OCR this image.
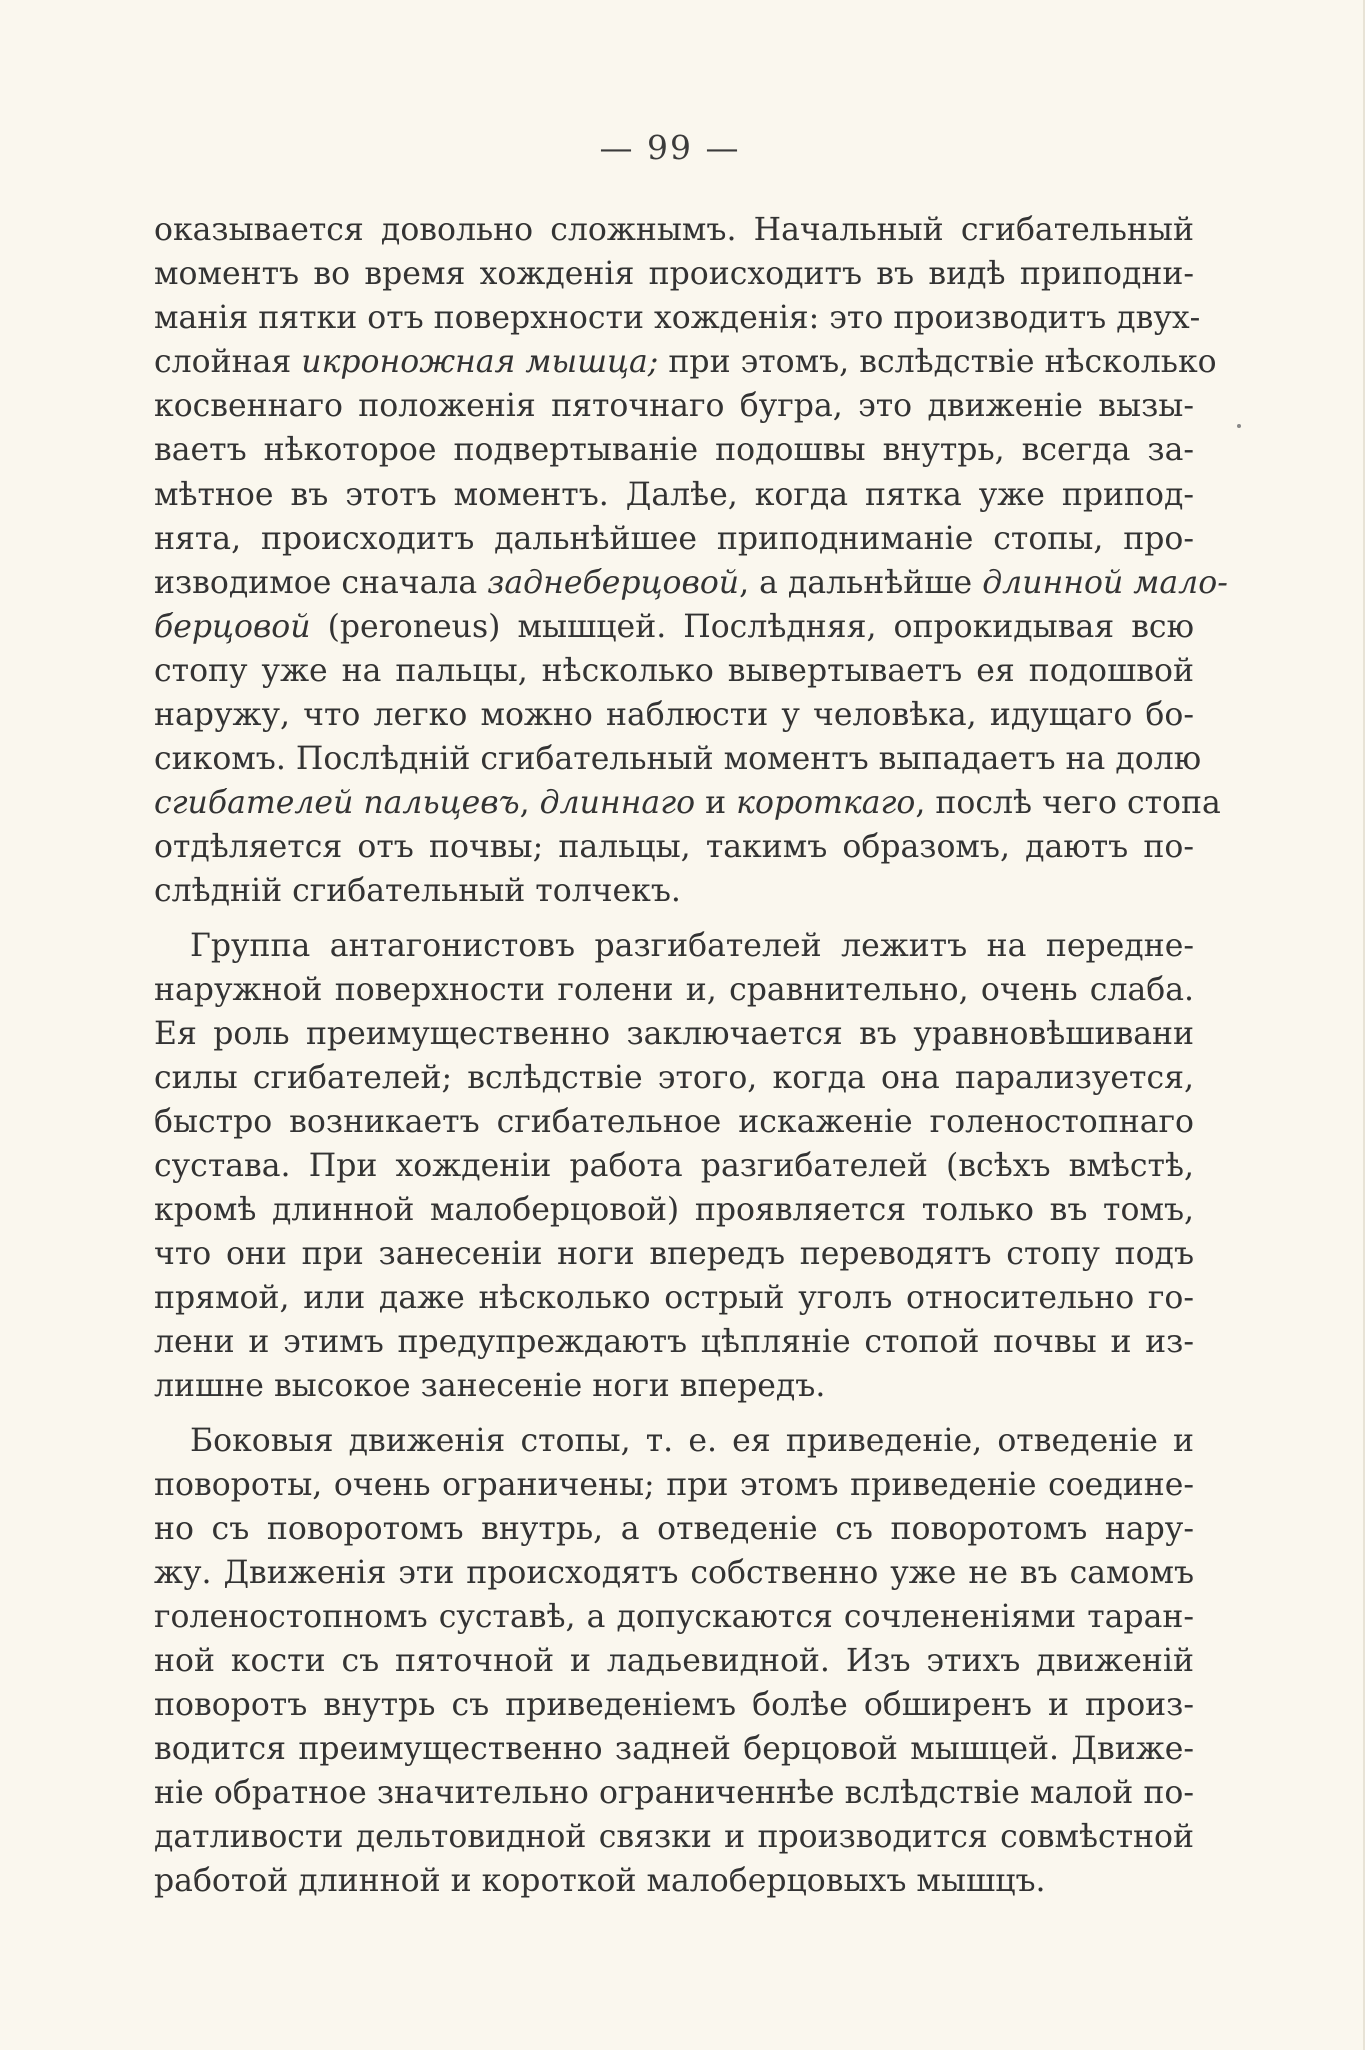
— 99 —
оказывается довольно сложнымъ. Начальный сгибательный
моментъ во время хожденія происходитъ въ видѣ приподни-
манія пятки отъ поверхности хожденія: это производитъ двух-
слойная икроножная мышца; при этомъ, вслѣдствіе нѣсколько
косвеннаго положенія пяточнаго бугра, это движеніе вызы-
ваетъ нѣкоторое подвертываніе подошвы внутрь, всегда за-
мѣтное въ этотъ моментъ. Далѣе, когда пятка уже припод-
нята, происходитъ дальнѣйшее приподниманіе стопы, про-
изводимое сначала заднеберцовой, а дальнѣйше длинной мало-
берцовой (peroneus) мышцей. Послѣдняя, опрокидывая всю
стопу уже на пальцы, нѣсколько вывертываетъ ея подошвой
наружу, что легко можно наблюсти у человѣка, идущаго бо-
сикомъ. Послѣдній сгибательный моментъ выпадаетъ на долю
сгибателей пальцевъ, длиннаго и короткаго, послѣ чего стопа
отдѣляется отъ почвы; пальцы, такимъ образомъ, даютъ по-
слѣдній сгибательный толчекъ.
Группа антагонистовъ разгибателей лежитъ на передне-
наружной поверхности голени и, сравнительно, очень слаба.
Ея роль преимущественно заключается въ уравновѣшивани
силы сгибателей; вслѣдствіе этого, когда она парализуется,
быстро возникаетъ сгибательное искаженіе голеностопнаго
сустава. При хожденіи работа разгибателей (всѣхъ вмѣстѣ,
кромѣ длинной малоберцовой) проявляется только въ томъ,
что они при занесеніи ноги впередъ переводятъ стопу подъ
прямой, или даже нѣсколько острый уголъ относительно го-
лени и этимъ предупреждаютъ цѣпляніе стопой почвы и из-
лишне высокое занесеніе ноги впередъ.
Боковыя движенія стопы, т. е. ея приведеніе, отведеніе и
повороты, очень ограничены; при этомъ приведеніе соедине-
но съ поворотомъ внутрь, а отведеніе съ поворотомъ нару-
жу. Движенія эти происходятъ собственно уже не въ самомъ
голеностопномъ суставѣ, а допускаются сочлененіями таран-
ной кости съ пяточной и ладьевидной. Изъ этихъ движеній
поворотъ внутрь съ приведеніемъ болѣе обширенъ и произ-
водится преимущественно задней берцовой мышцей. Движе-
ніе обратное значительно ограниченнѣе вслѣдствіе малой по-
датливости дельтовидной связки и производится совмѣстной
работой длинной и короткой малоберцовыхъ мышцъ.
